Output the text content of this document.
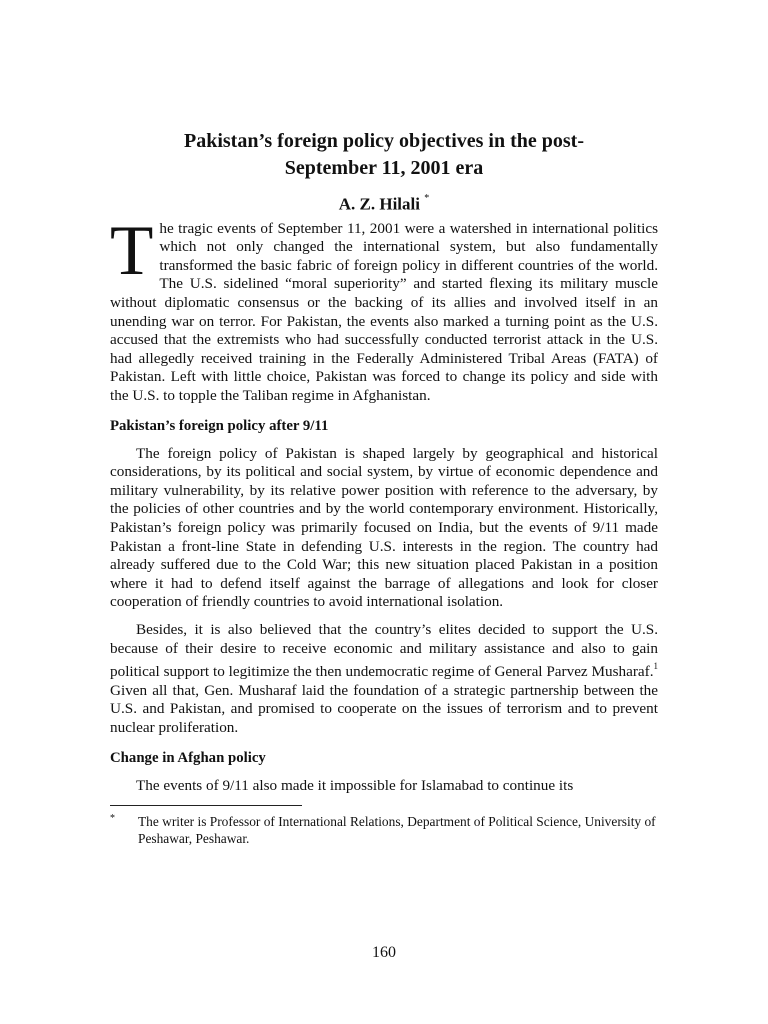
Pakistan’s foreign policy objectives in the post-
September 11, 2001 era
A. Z. Hilali *

The tragic events of September 11, 2001 were a watershed in international politics which not only changed the international system, but also fundamentally transformed the basic fabric of foreign policy in different countries of the world. The U.S. sidelined “moral superiority” and started flexing its military muscle without diplomatic consensus or the backing of its allies and involved itself in an unending war on terror. For Pakistan, the events also marked a turning point as the U.S. accused that the extremists who had successfully conducted terrorist attack in the U.S. had allegedly received training in the Federally Administered Tribal Areas (FATA) of Pakistan. Left with little choice, Pakistan was forced to change its policy and side with the U.S. to topple the Taliban regime in Afghanistan.

Pakistan’s foreign policy after 9/11

The foreign policy of Pakistan is shaped largely by geographical and historical considerations, by its political and social system, by virtue of economic dependence and military vulnerability, by its relative power position with reference to the adversary, by the policies of other countries and by the world contemporary environment. Historically, Pakistan’s foreign policy was primarily focused on India, but the events of 9/11 made Pakistan a front-line State in defending U.S. interests in the region. The country had already suffered due to the Cold War; this new situation placed Pakistan in a position where it had to defend itself against the barrage of allegations and look for closer cooperation of friendly countries to avoid international isolation.

Besides, it is also believed that the country’s elites decided to support the U.S. because of their desire to receive economic and military assistance and also to gain political support to legitimize the then undemocratic regime of General Parvez Musharaf.$^1$ Given all that, Gen. Musharaf laid the foundation of a strategic partnership between the U.S. and Pakistan, and promised to cooperate on the issues of terrorism and to prevent nuclear proliferation.

Change in Afghan policy

The events of 9/11 also made it impossible for Islamabad to continue its

*	The writer is Professor of International Relations, Department of Political Science, University of Peshawar, Peshawar.
160
